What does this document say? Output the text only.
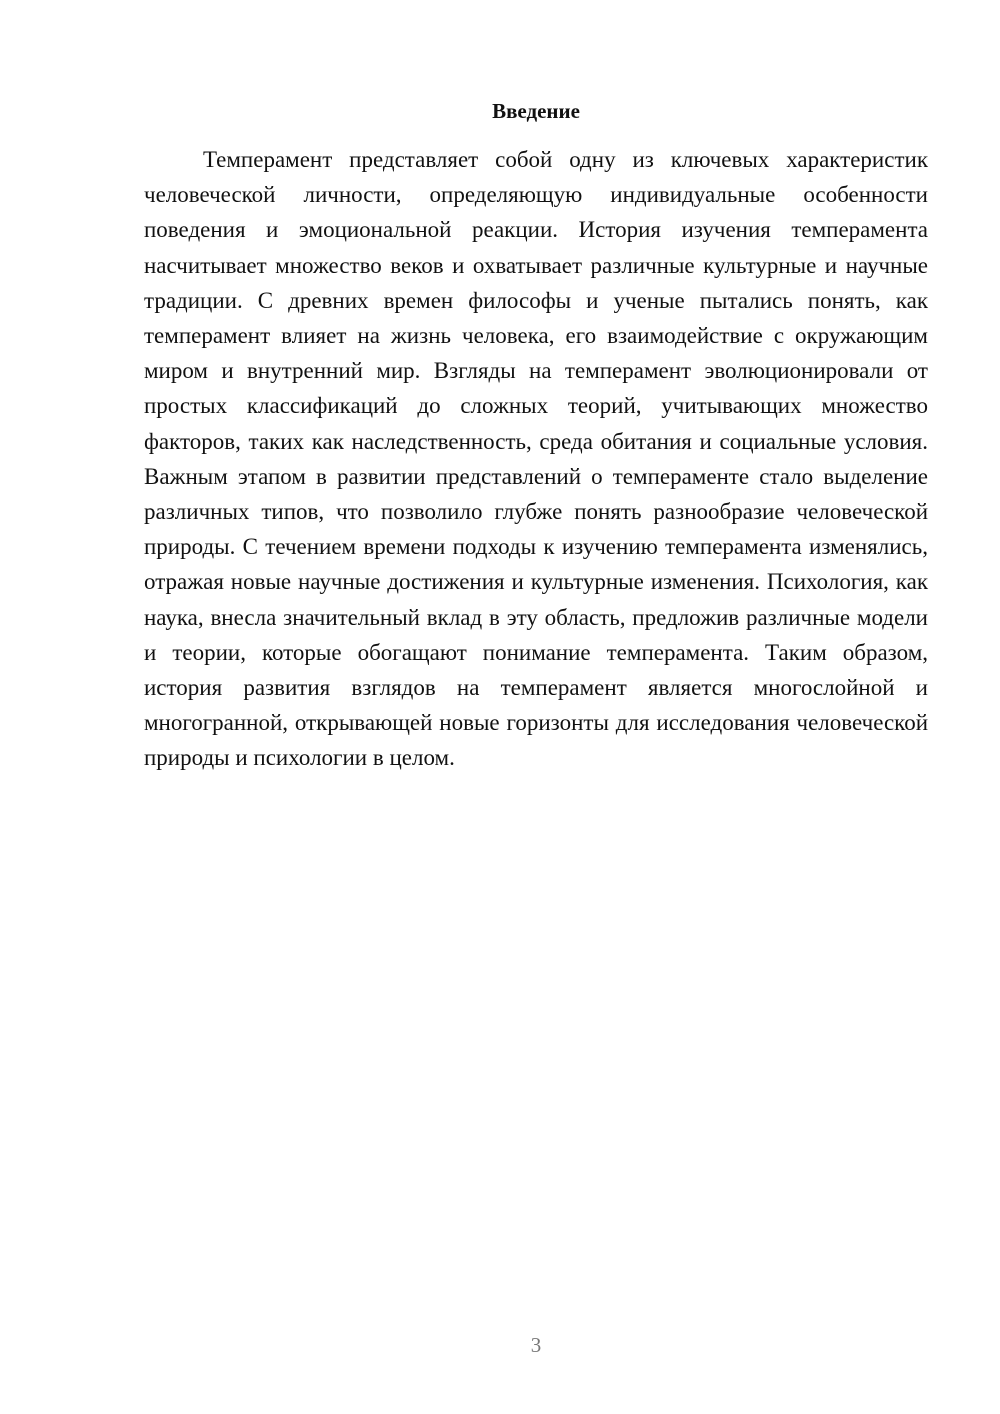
Введение

Темперамент представляет собой одну из ключевых характеристик человеческой личности, определяющую индивидуальные особенности поведения и эмоциональной реакции. История изучения темперамента насчитывает множество веков и охватывает различные культурные и научные традиции. С древних времен философы и ученые пытались понять, как темперамент влияет на жизнь человека, его взаимодействие с окружающим миром и внутренний мир. Взгляды на темперамент эволюционировали от простых классификаций до сложных теорий, учитывающих множество факторов, таких как наследственность, среда обитания и социальные условия. Важным этапом в развитии представлений о темпераменте стало выделение различных типов, что позволило глубже понять разнообразие человеческой природы. С течением времени подходы к изучению темперамента изменялись, отражая новые научные достижения и культурные изменения. Психология, как наука, внесла значительный вклад в эту область, предложив различные модели и теории, которые обогащают понимание темперамента. Таким образом, история развития взглядов на темперамент является многослойной и многогранной, открывающей новые горизонты для исследования человеческой природы и психологии в целом.

3
